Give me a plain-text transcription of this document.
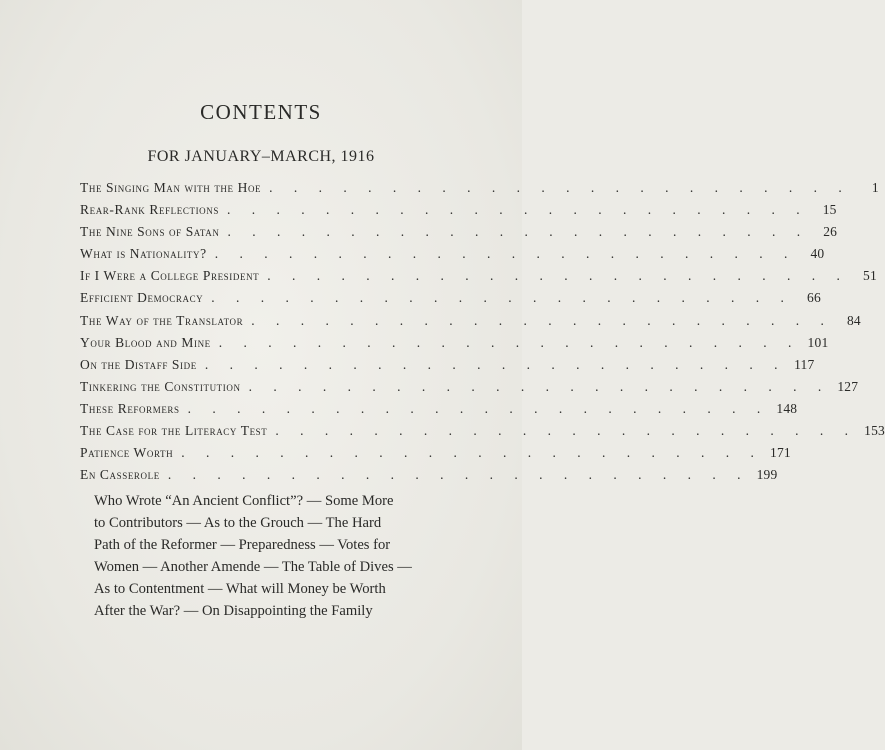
CONTENTS
FOR JANUARY–MARCH, 1916
The Singing Man with the Hoe . . . . . . . . . . . . . . . . . . . . . . . .	1
Rear-Rank Reflections . . . . . . . . . . . . . . . . . . . . . . . .	15
The Nine Sons of Satan . . . . . . . . . . . . . . . . . . . . . . . .	26
What is Nationality? . . . . . . . . . . . . . . . . . . . . . . . .	40
If I Were a College President . . . . . . . . . . . . . . . . . . . . . . . .	51
Efficient Democracy . . . . . . . . . . . . . . . . . . . . . . . .	66
The Way of the Translator . . . . . . . . . . . . . . . . . . . . . . . .	84
Your Blood and Mine . . . . . . . . . . . . . . . . . . . . . . . . 101
On the Distaff Side . . . . . . . . . . . . . . . . . . . . . . . . 117
Tinkering the Constitution . . . . . . . . . . . . . . . . . . . . . . . . 127
These Reformers . . . . . . . . . . . . . . . . . . . . . . . . 148
The Case for the Literacy Test . . . . . . . . . . . . . . . . . . . . . . . . 153
Patience Worth . . . . . . . . . . . . . . . . . . . . . . . . 171
En Casserole . . . . . . . . . . . . . . . . . . . . . . . . 199
Who Wrote “An Ancient Conflict”? — Some More
to Contributors — As to the Grouch — The Hard
Path of the Reformer — Preparedness — Votes for
Women — Another Amende — The Table of Dives —
As to Contentment — What will Money be Worth
After the War? — On Disappointing the Family
